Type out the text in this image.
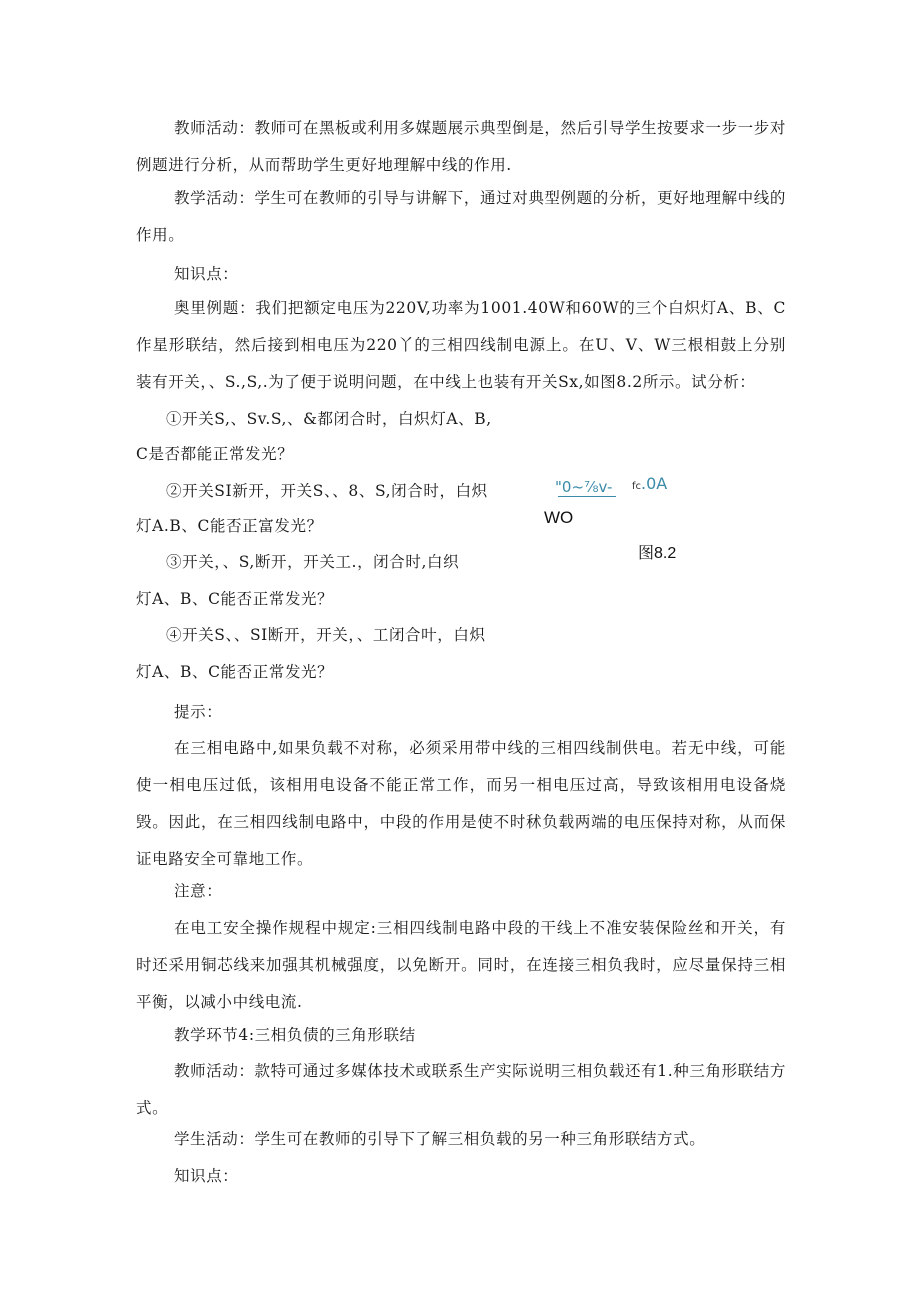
教师活动：教师可在黑板或利用多媒题展示典型倒是，然后引导学生按要求一步一步对例题进行分析，从而帮助学生更好地理解中线的作用.

教学活动：学生可在教师的引导与讲解下，通过对典型例题的分析，更好地理解中线的作用。

知识点：

奥里例题：我们把额定电压为220V,功率为1001.40W和60W的三个白炽灯A、B、C作星形联结，然后接到相电压为220丫的三相四线制电源上。在U、V、W三根相鼓上分别装有开关，、S.,S,.为了便于说明问题，在中线上也装有开关Sx,如图8.2所示。试分析：

①开关S,、Sv.S,、&都闭合时，白炽灯A、B,
C是否都能正常发光？
②开关SI新开，开关S、、8、S,闭合时，白炽
灯A.B、C能否正富发光？
③开关，、S,断开，开关工.，闭合时,白织
灯A、B、C能否正常发光？
④开关S、、SI断开，开关，、工闭合叶，白炽
灯A、B、C能否正常发光？
"0~⅞v- fc.0A
WO
图8.2

提示：

在三相电路中,如果负载不对称，必须采用带中线的三相四线制供电。若无中线，可能使一相电压过低，该相用电设备不能正常工作，而另一相电压过高，导致该相用电设备烧毁。因此，在三相四线制电路中，中段的作用是使不时秫负载两端的电压保持对称，从而保证电路安全可靠地工作。

注意：

在电工安全操作规程中规定:三相四线制电路中段的干线上不准安装保险丝和开关，有时还采用铜芯线来加强其机械强度，以免断开。同时，在连接三相负我时，应尽量保持三相平衡，以减小中线电流.

教学环节4:三相负债的三角形联结

教师活动：款特可通过多媒体技术或联系生产实际说明三相负载还有1.种三角形联结方式。

学生活动：学生可在教师的引导下了解三相负载的另一种三角形联结方式。

知识点：
